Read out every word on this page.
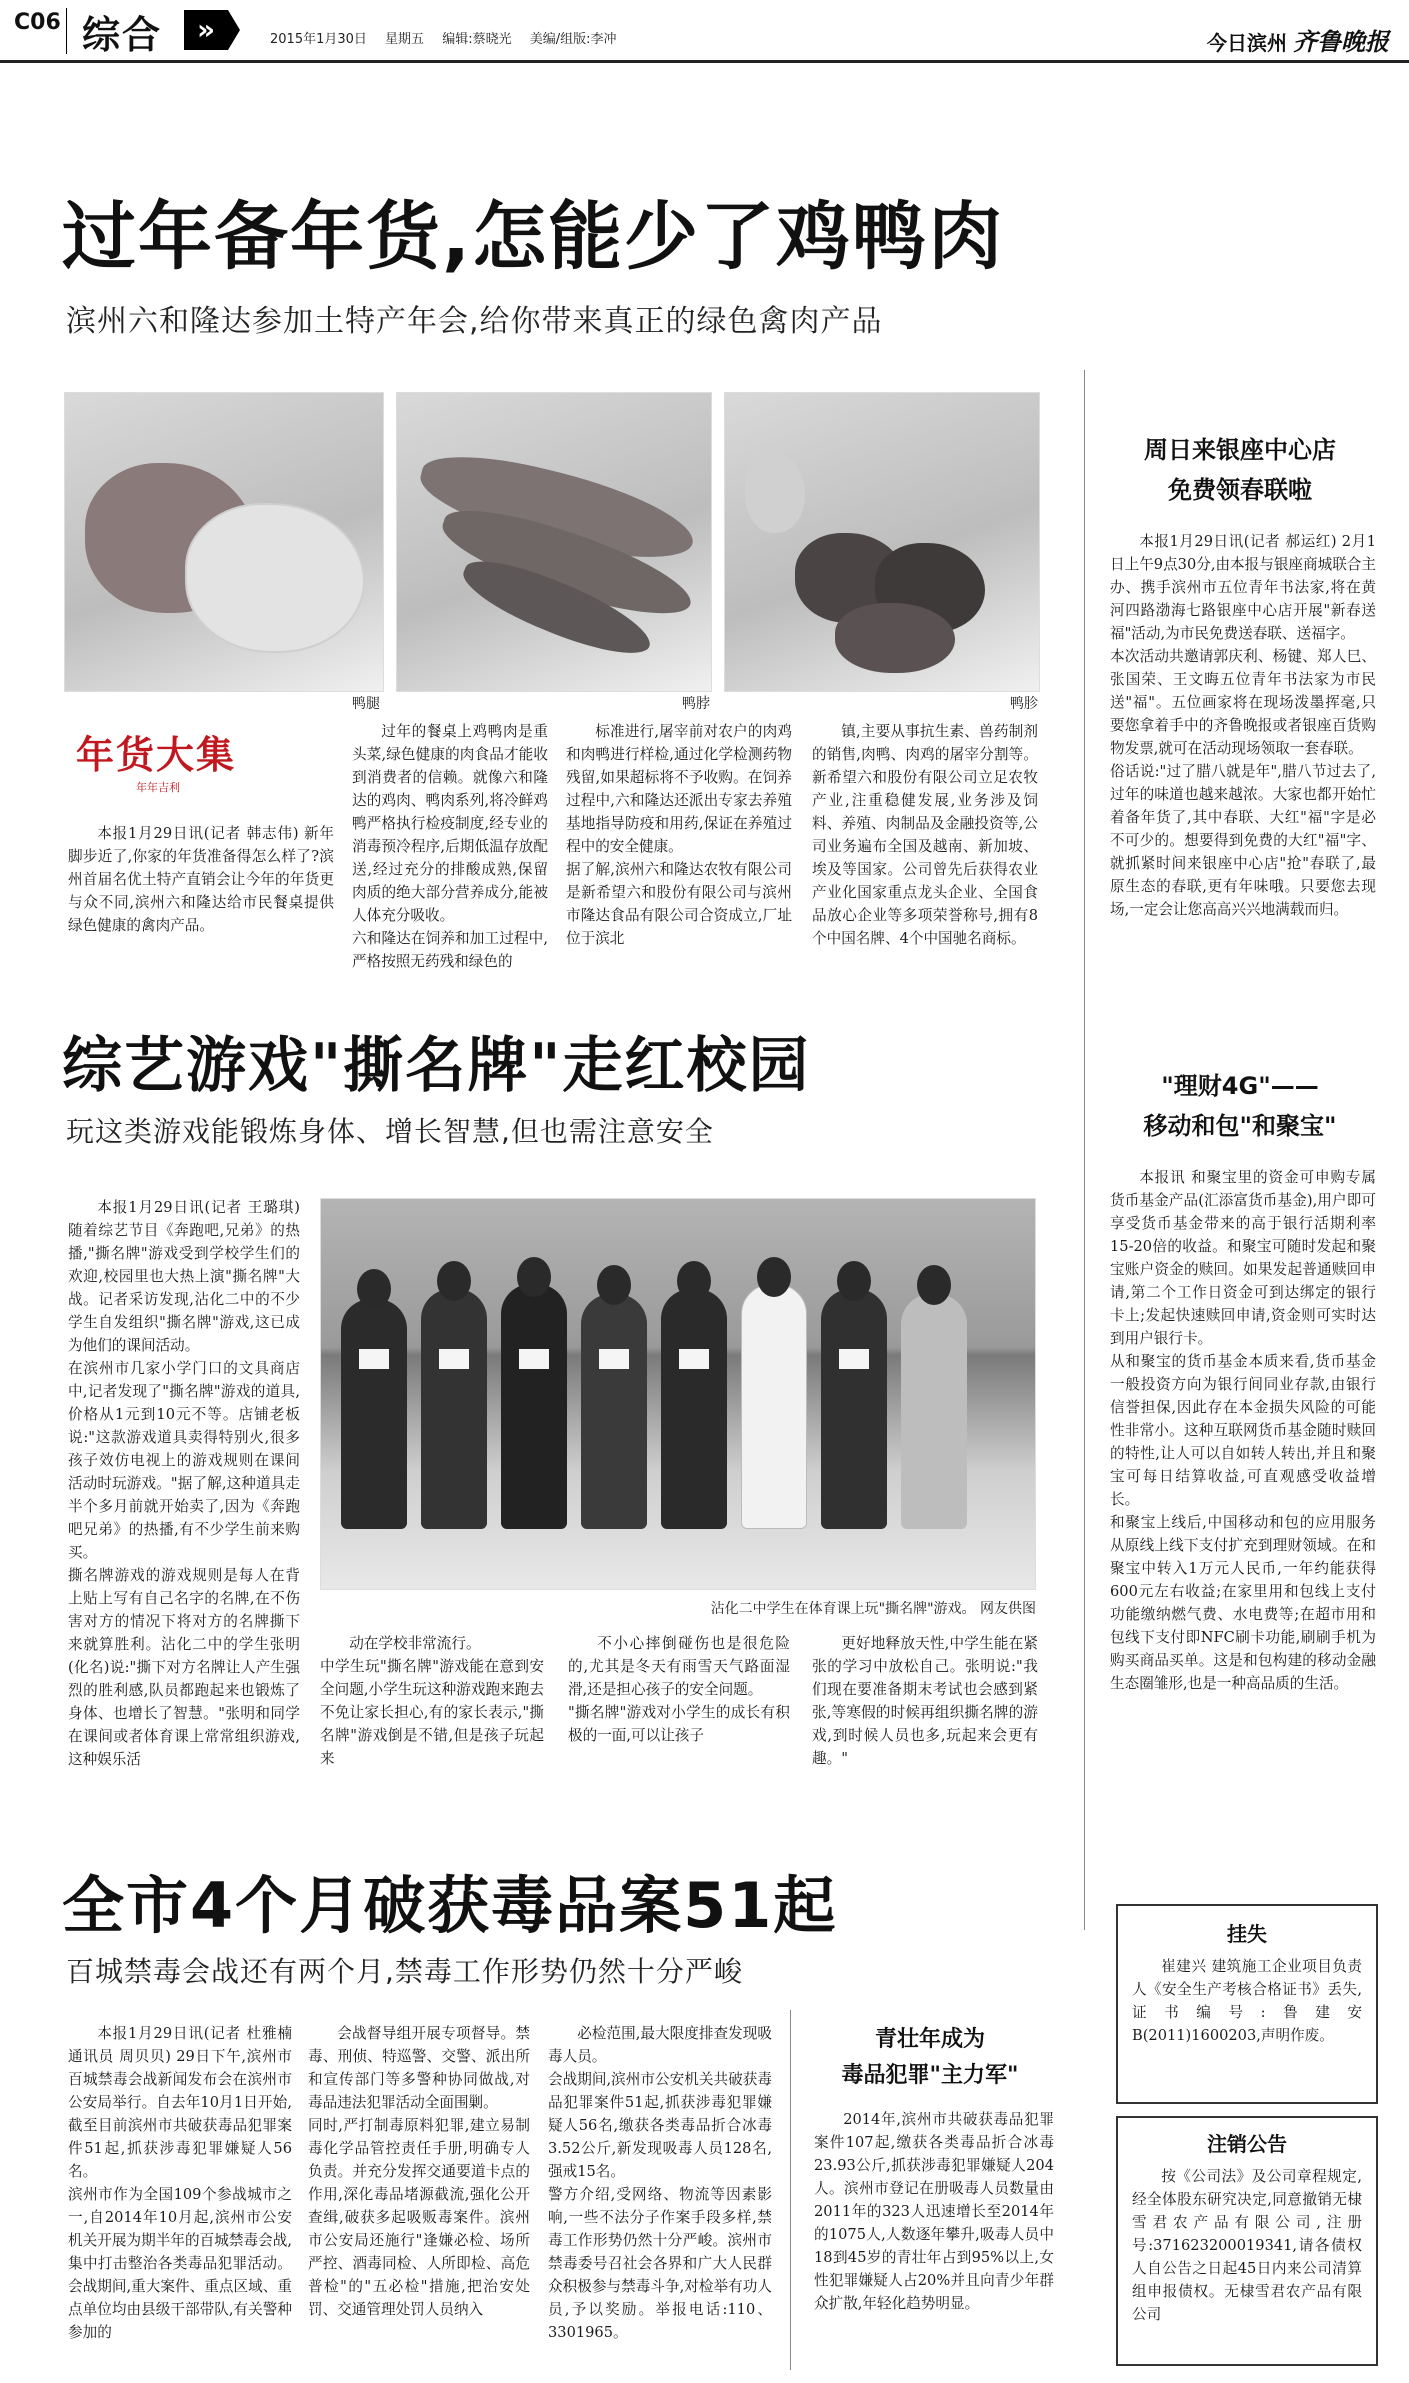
C06 综合	»	2015年1月30日 星期五 编辑:蔡晓光 美编/组版:李冲	今日滨州 齐鲁晚报
过年备年货,怎能少了鸡鸭肉
滨州六和隆达参加土特产年会,给你带来真正的绿色禽肉产品
鸭腿	鸭脖	鸭胗
年货大集
年年吉利

本报1月29日讯(记者 韩志伟) 新年脚步近了,你家的年货准备得怎么样了?滨州首届名优土特产直销会让今年的年货更与众不同,滨州六和隆达给市民餐桌提供绿色健康的禽肉产品。

过年的餐桌上鸡鸭肉是重头菜,绿色健康的肉食品才能收到消费者的信赖。就像六和隆达的鸡肉、鸭肉系列,将冷鲜鸡鸭严格执行检疫制度,经专业的消毒预冷程序,后期低温存放配送,经过充分的排酸成熟,保留肉质的绝大部分营养成分,能被人体充分吸收。
六和隆达在饲养和加工过程中,严格按照无药残和绿色的

标准进行,屠宰前对农户的肉鸡和肉鸭进行样检,通过化学检测药物残留,如果超标将不予收购。在饲养过程中,六和隆达还派出专家去养殖基地指导防疫和用药,保证在养殖过程中的安全健康。
据了解,滨州六和隆达农牧有限公司是新希望六和股份有限公司与滨州市隆达食品有限公司合资成立,厂址位于滨北

镇,主要从事抗生素、兽药制剂的销售,肉鸭、肉鸡的屠宰分割等。新希望六和股份有限公司立足农牧产业,注重稳健发展,业务涉及饲料、养殖、肉制品及金融投资等,公司业务遍布全国及越南、新加坡、埃及等国家。公司曾先后获得农业产业化国家重点龙头企业、全国食品放心企业等多项荣誉称号,拥有8个中国名牌、4个中国驰名商标。

周日来银座中心店
免费领春联啦

本报1月29日讯(记者 郝运红) 2月1日上午9点30分,由本报与银座商城联合主办、携手滨州市五位青年书法家,将在黄河四路渤海七路银座中心店开展"新春送福"活动,为市民免费送春联、送福字。
本次活动共邀请郭庆利、杨键、郑人巳、张国荣、王文晦五位青年书法家为市民送"福"。五位画家将在现场泼墨挥毫,只要您拿着手中的齐鲁晚报或者银座百货购物发票,就可在活动现场领取一套春联。
俗话说:"过了腊八就是年",腊八节过去了,过年的味道也越来越浓。大家也都开始忙着备年货了,其中春联、大红"福"字是必不可少的。想要得到免费的大红"福"字、就抓紧时间来银座中心店"抢"春联了,最原生态的春联,更有年味哦。只要您去现场,一定会让您高高兴兴地满载而归。

综艺游戏"撕名牌"走红校园
玩这类游戏能锻炼身体、增长智慧,但也需注意安全
沾化二中学生在体育课上玩"撕名牌"游戏。 网友供图

本报1月29日讯(记者 王璐琪) 随着综艺节目《奔跑吧,兄弟》的热播,"撕名牌"游戏受到学校学生们的欢迎,校园里也大热上演"撕名牌"大战。记者采访发现,沾化二中的不少学生自发组织"撕名牌"游戏,这已成为他们的课间活动。
在滨州市几家小学门口的文具商店中,记者发现了"撕名牌"游戏的道具,价格从1元到10元不等。店铺老板说:"这款游戏道具卖得特别火,很多孩子效仿电视上的游戏规则在课间活动时玩游戏。"据了解,这种道具走半个多月前就开始卖了,因为《奔跑吧兄弟》的热播,有不少学生前来购买。
撕名牌游戏的游戏规则是每人在背上贴上写有自己名字的名牌,在不伤害对方的情况下将对方的名牌撕下来就算胜利。沾化二中的学生张明(化名)说:"撕下对方名牌让人产生强烈的胜利感,队员都跑起来也锻炼了身体、也增长了智慧。"张明和同学在课间或者体育课上常常组织游戏,这种娱乐活

动在学校非常流行。
中学生玩"撕名牌"游戏能在意到安全问题,小学生玩这种游戏跑来跑去不免让家长担心,有的家长表示,"撕名牌"游戏倒是不错,但是孩子玩起来

不小心摔倒碰伤也是很危险的,尤其是冬天有雨雪天气路面湿滑,还是担心孩子的安全问题。
"撕名牌"游戏对小学生的成长有积极的一面,可以让孩子

更好地释放天性,中学生能在紧张的学习中放松自己。张明说:"我们现在要准备期末考试也会感到紧张,等寒假的时候再组织撕名牌的游戏,到时候人员也多,玩起来会更有趣。"

"理财4G"——
移动和包"和聚宝"

本报讯 和聚宝里的资金可申购专属货币基金产品(汇添富货币基金),用户即可享受货币基金带来的高于银行活期利率15-20倍的收益。和聚宝可随时发起和聚宝账户资金的赎回。如果发起普通赎回申请,第二个工作日资金可到达绑定的银行卡上;发起快速赎回申请,资金则可实时达到用户银行卡。
从和聚宝的货币基金本质来看,货币基金一般投资方向为银行间同业存款,由银行信誉担保,因此存在本金损失风险的可能性非常小。这种互联网货币基金随时赎回的特性,让人可以自如转人转出,并且和聚宝可每日结算收益,可直观感受收益增长。
和聚宝上线后,中国移动和包的应用服务从原线上线下支付扩充到理财领域。在和聚宝中转入1万元人民币,一年约能获得600元左右收益;在家里用和包线上支付功能缴纳燃气费、水电费等;在超市用和包线下支付即NFC刷卡功能,刷刷手机为购买商品买单。这是和包构建的移动金融生态圈雏形,也是一种高品质的生活。

全市4个月破获毒品案51起
百城禁毒会战还有两个月,禁毒工作形势仍然十分严峻

本报1月29日讯(记者 杜雅楠 通讯员 周贝贝) 29日下午,滨州市百城禁毒会战新闻发布会在滨州市公安局举行。自去年10月1日开始,截至目前滨州市共破获毒品犯罪案件51起,抓获涉毒犯罪嫌疑人56名。
滨州市作为全国109个参战城市之一,自2014年10月起,滨州市公安机关开展为期半年的百城禁毒会战,集中打击整治各类毒品犯罪活动。会战期间,重大案件、重点区域、重点单位均由县级干部带队,有关警种参加的

会战督导组开展专项督导。禁毒、刑侦、特巡警、交警、派出所和宣传部门等多警种协同做战,对毒品违法犯罪活动全面围剿。
同时,严打制毒原料犯罪,建立易制毒化学品管控责任手册,明确专人负责。并充分发挥交通要道卡点的作用,深化毒品堵源截流,强化公开查缉,破获多起吸贩毒案件。滨州市公安局还施行"逢嫌必检、场所严控、酒毒同检、人所即检、高危普检"的"五必检"措施,把治安处罚、交通管理处罚人员纳入

必检范围,最大限度排查发现吸毒人员。
会战期间,滨州市公安机关共破获毒品犯罪案件51起,抓获涉毒犯罪嫌疑人56名,缴获各类毒品折合冰毒3.52公斤,新发现吸毒人员128名,强戒15名。
警方介绍,受网络、物流等因素影响,一些不法分子作案手段多样,禁毒工作形势仍然十分严峻。滨州市禁毒委号召社会各界和广大人民群众积极参与禁毒斗争,对检举有功人员,予以奖励。举报电话:110、3301965。

青壮年成为
毒品犯罪"主力军"

2014年,滨州市共破获毒品犯罪案件107起,缴获各类毒品折合冰毒23.93公斤,抓获涉毒犯罪嫌疑人204人。滨州市登记在册吸毒人员数量由2011年的323人迅速增长至2014年的1075人,人数逐年攀升,吸毒人员中18到45岁的青壮年占到95%以上,女性犯罪嫌疑人占20%并且向青少年群众扩散,年轻化趋势明显。

挂失

崔建兴 建筑施工企业项目负责人《安全生产考核合格证书》丢失,证书编号:鲁建安B(2011)1600203,声明作废。

注销公告

按《公司法》及公司章程规定,经全体股东研究决定,同意撤销无棣雪君农产品有限公司,注册号:371623200019341,请各债权人自公告之日起45日内来公司清算组申报债权。无棣雪君农产品有限公司
